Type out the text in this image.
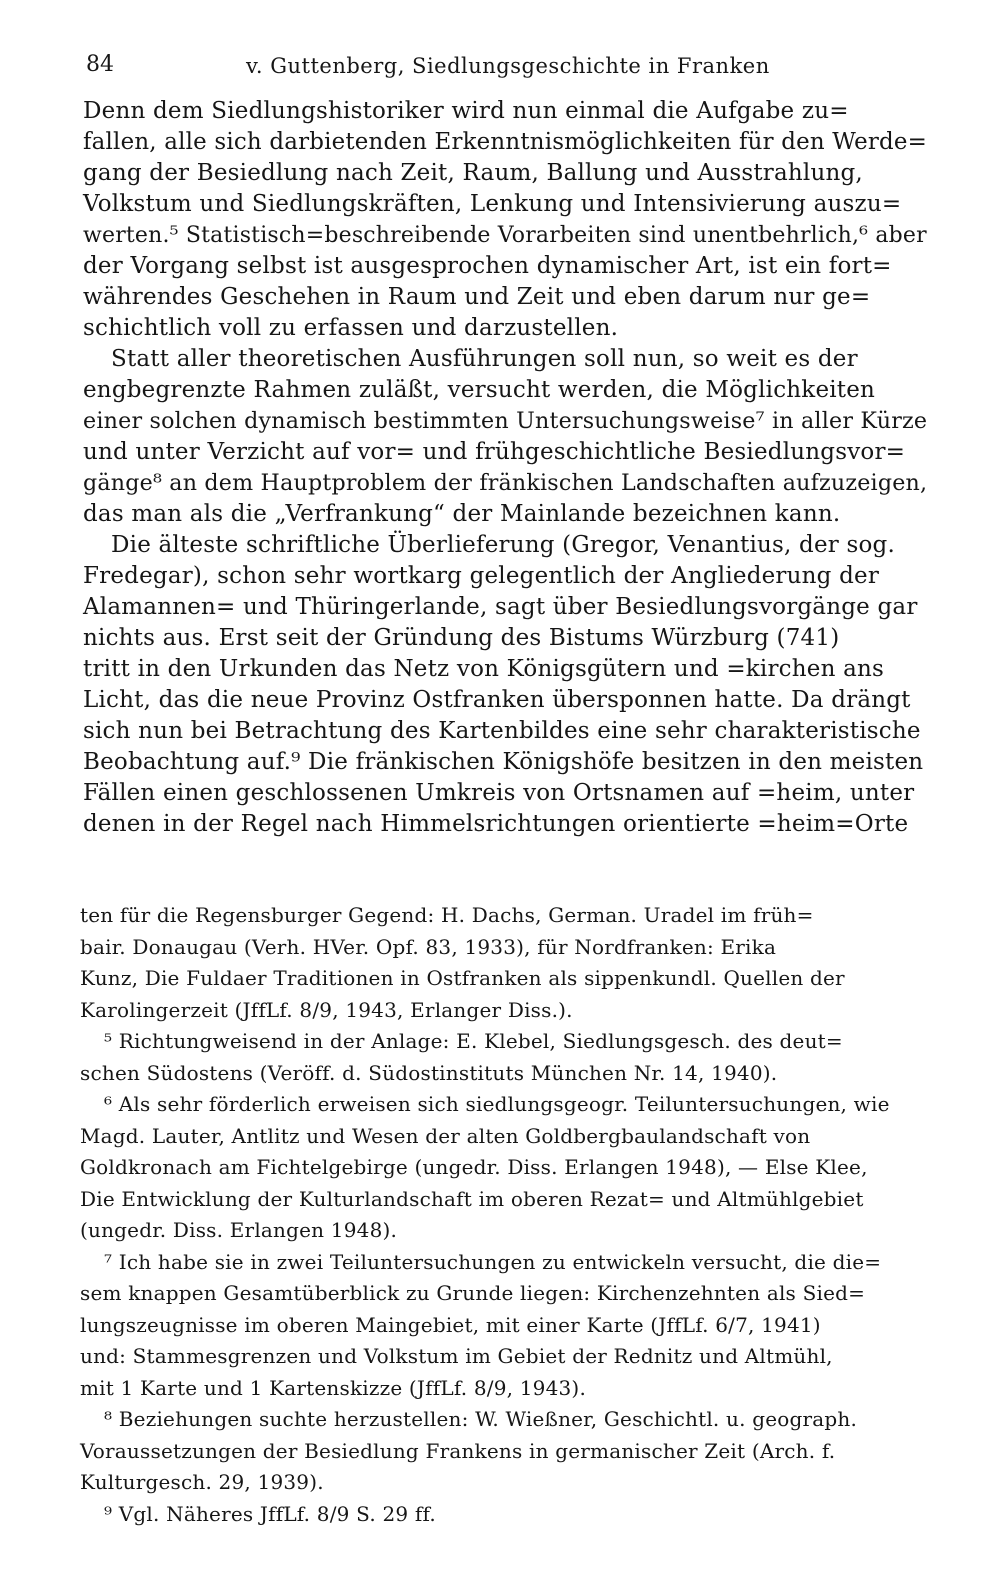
84	v. Guttenberg, Siedlungsgeschichte in Franken
Denn dem Siedlungshistoriker wird nun einmal die Aufgabe zu=
fallen, alle sich darbietenden Erkenntnismöglichkeiten für den Werde=
gang der Besiedlung nach Zeit, Raum, Ballung und Ausstrahlung,
Volkstum und Siedlungskräften, Lenkung und Intensivierung auszu=
werten.⁵ Statistisch=beschreibende Vorarbeiten sind unentbehrlich,⁶ aber
der Vorgang selbst ist ausgesprochen dynamischer Art, ist ein fort=
währendes Geschehen in Raum und Zeit und eben darum nur ge=
schichtlich voll zu erfassen und darzustellen.
Statt aller theoretischen Ausführungen soll nun, so weit es der
engbegrenzte Rahmen zuläßt, versucht werden, die Möglichkeiten
einer solchen dynamisch bestimmten Untersuchungsweise⁷ in aller Kürze
und unter Verzicht auf vor= und frühgeschichtliche Besiedlungsvor=
gänge⁸ an dem Hauptproblem der fränkischen Landschaften aufzuzeigen,
das man als die „Verfrankung“ der Mainlande bezeichnen kann.
Die älteste schriftliche Überlieferung (Gregor, Venantius, der sog.
Fredegar), schon sehr wortkarg gelegentlich der Angliederung der
Alamannen= und Thüringerlande, sagt über Besiedlungsvorgänge gar
nichts aus. Erst seit der Gründung des Bistums Würzburg (741)
tritt in den Urkunden das Netz von Königsgütern und =kirchen ans
Licht, das die neue Provinz Ostfranken übersponnen hatte. Da drängt
sich nun bei Betrachtung des Kartenbildes eine sehr charakteristische
Beobachtung auf.⁹ Die fränkischen Königshöfe besitzen in den meisten
Fällen einen geschlossenen Umkreis von Ortsnamen auf =heim, unter
denen in der Regel nach Himmelsrichtungen orientierte =heim=Orte
ten für die Regensburger Gegend: H. Dachs, German. Uradel im früh=
bair. Donaugau (Verh. HVer. Opf. 83, 1933), für Nordfranken: Erika
Kunz, Die Fuldaer Traditionen in Ostfranken als sippenkundl. Quellen der
Karolingerzeit (JffLf. 8/9, 1943, Erlanger Diss.).
⁵ Richtungweisend in der Anlage: E. Klebel, Siedlungsgesch. des deut=
schen Südostens (Veröff. d. Südostinstituts München Nr. 14, 1940).
⁶ Als sehr förderlich erweisen sich siedlungsgeogr. Teiluntersuchungen, wie
Magd. Lauter, Antlitz und Wesen der alten Goldbergbaulandschaft von
Goldkronach am Fichtelgebirge (ungedr. Diss. Erlangen 1948), — Else Klee,
Die Entwicklung der Kulturlandschaft im oberen Rezat= und Altmühlgebiet
(ungedr. Diss. Erlangen 1948).
⁷ Ich habe sie in zwei Teiluntersuchungen zu entwickeln versucht, die die=
sem knappen Gesamtüberblick zu Grunde liegen: Kirchenzehnten als Sied=
lungszeugnisse im oberen Maingebiet, mit einer Karte (JffLf. 6/7, 1941)
und: Stammesgrenzen und Volkstum im Gebiet der Rednitz und Altmühl,
mit 1 Karte und 1 Kartenskizze (JffLf. 8/9, 1943).
⁸ Beziehungen suchte herzustellen: W. Wießner, Geschichtl. u. geograph.
Voraussetzungen der Besiedlung Frankens in germanischer Zeit (Arch. f.
Kulturgesch. 29, 1939).
⁹ Vgl. Näheres JffLf. 8/9 S. 29 ff.
